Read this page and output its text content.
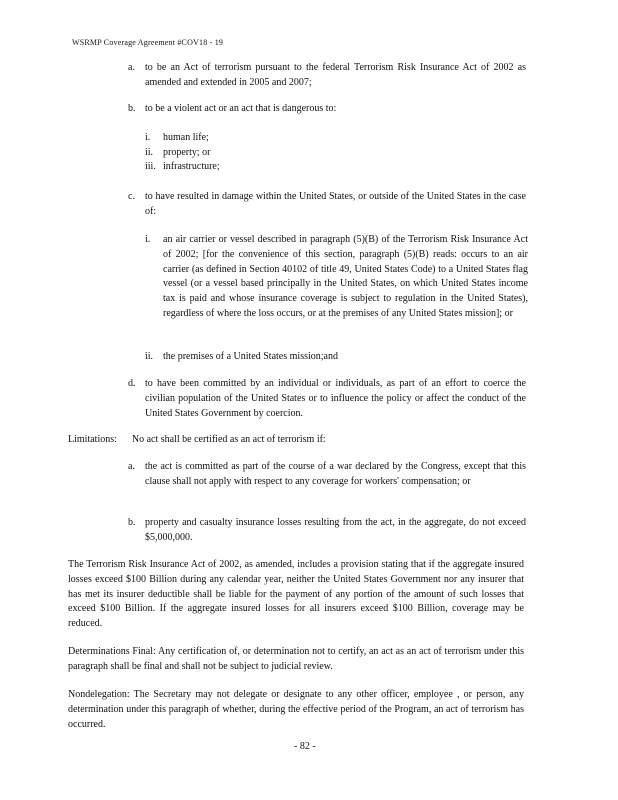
WSRMP Coverage Agreement #COV18 - 19
a. to be an Act of terrorism pursuant to the federal Terrorism Risk Insurance Act of 2002 as amended and extended in 2005 and 2007;
b. to be a violent act or an act that is dangerous to:
i. human life;
ii. property; or
iii. infrastructure;
c. to have resulted in damage within the United States, or outside of the United States in the case of:
i. an air carrier or vessel described in paragraph (5)(B) of the Terrorism Risk Insurance Act of 2002; [for the convenience of this section, paragraph (5)(B) reads: occurs to an air carrier (as defined in Section 40102 of title 49, United States Code) to a United States flag vessel (or a vessel based principally in the United States, on which United States income tax is paid and whose insurance coverage is subject to regulation in the United States), regardless of where the loss occurs, or at the premises of any United States mission]; or
ii. the premises of a United States mission;and
d. to have been committed by an individual or individuals, as part of an effort to coerce the civilian population of the United States or to influence the policy or affect the conduct of the United States Government by coercion.
Limitations: No act shall be certified as an act of terrorism if:
a. the act is committed as part of the course of a war declared by the Congress, except that this clause shall not apply with respect to any coverage for workers' compensation; or
b. property and casualty insurance losses resulting from the act, in the aggregate, do not exceed $5,000,000.
The Terrorism Risk Insurance Act of 2002, as amended, includes a provision stating that if the aggregate insured losses exceed $100 Billion during any calendar year, neither the United States Government nor any insurer that has met its insurer deductible shall be liable for the payment of any portion of the amount of such losses that exceed $100 Billion. If the aggregate insured losses for all insurers exceed $100 Billion, coverage may be reduced.
Determinations Final: Any certification of, or determination not to certify, an act as an act of terrorism under this paragraph shall be final and shall not be subject to judicial review.
Nondelegation: The Secretary may not delegate or designate to any other officer, employee , or person, any determination under this paragraph of whether, during the effective period of the Program, an act of terrorism has occurred.
- 82 -
